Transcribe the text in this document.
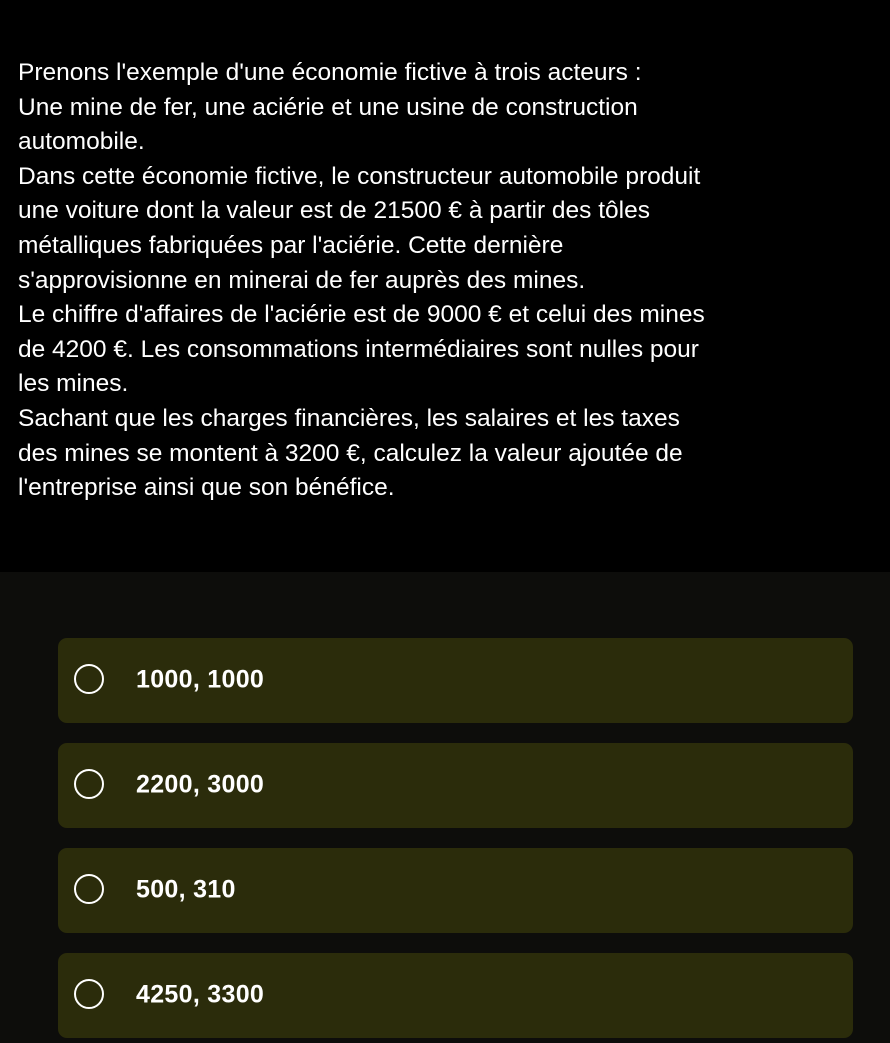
Prenons l'exemple d'une économie fictive à trois acteurs :
Une mine de fer, une aciérie et une usine de construction
automobile.
Dans cette économie fictive, le constructeur automobile produit
une voiture dont la valeur est de 21500 € à partir des tôles
métalliques fabriquées par l'aciérie. Cette dernière
s'approvisionne en minerai de fer auprès des mines.
Le chiffre d'affaires de l'aciérie est de 9000 € et celui des mines
de 4200 €. Les consommations intermédiaires sont nulles pour
les mines.
Sachant que les charges financières, les salaires et les taxes
des mines se montent à 3200 €, calculez la valeur ajoutée de
l'entreprise ainsi que son bénéfice.

1000, 1000
2200, 3000
500, 310
4250, 3300
